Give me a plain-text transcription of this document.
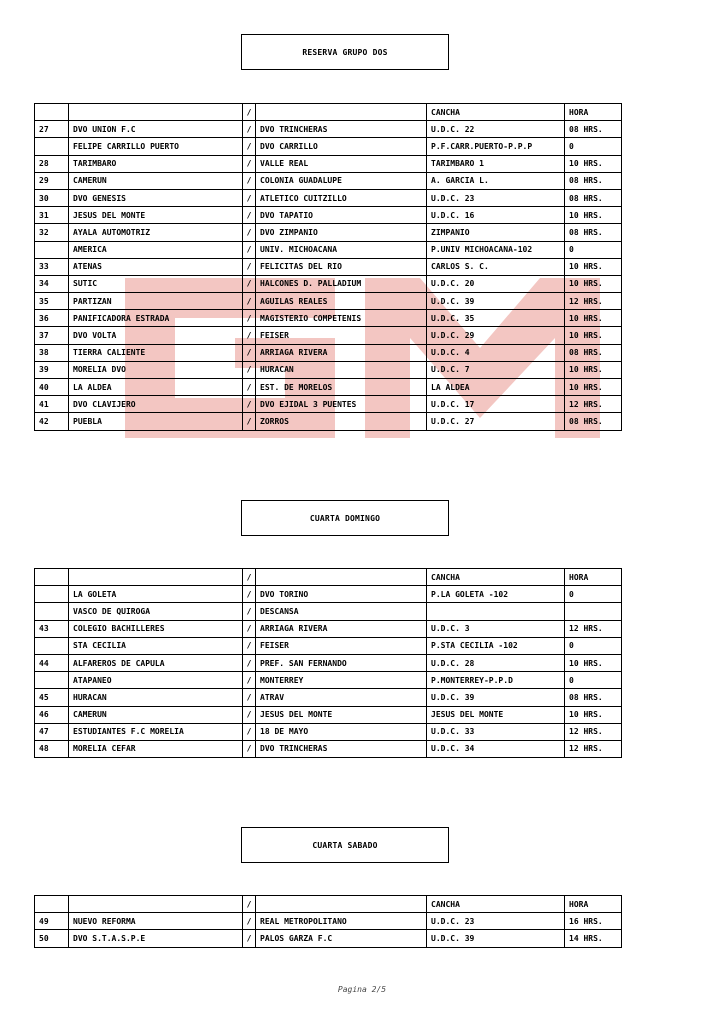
RESERVA GRUPO DOS
		/		CANCHA	HORA
27	DVO UNION F.C	/	DVO TRINCHERAS	U.D.C. 22	08 HRS.
	FELIPE CARRILLO PUERTO	/	DVO CARRILLO	P.F.CARR.PUERTO-P.P.P	0
28	TARIMBARO	/	VALLE REAL	TARIMBARO 1	10 HRS.
29	CAMERUN	/	COLONIA GUADALUPE	A. GARCIA L.	08 HRS.
30	DVO GENESIS	/	ATLETICO CUITZILLO	U.D.C. 23	08 HRS.
31	JESUS DEL MONTE	/	DVO TAPATIO	U.D.C. 16	10 HRS.
32	AYALA AUTOMOTRIZ	/	DVO ZIMPANIO	ZIMPANIO	08 HRS.
	AMERICA	/	UNIV. MICHOACANA	P.UNIV MICHOACANA-102	0
33	ATENAS	/	FELICITAS DEL RIO	CARLOS S. C.	10 HRS.
34	SUTIC	/	HALCONES D. PALLADIUM	U.D.C. 20	10 HRS.
35	PARTIZAN	/	AGUILAS REALES	U.D.C. 39	12 HRS.
36	PANIFICADORA ESTRADA	/	MAGISTERIO COMPETENIS	U.D.C. 35	10 HRS.
37	DVO VOLTA	/	FEISER	U.D.C. 29	10 HRS.
38	TIERRA CALIENTE	/	ARRIAGA RIVERA	U.D.C. 4	08 HRS.
39	MORELIA DVO	/	HURACAN	U.D.C. 7	10 HRS.
40	LA ALDEA	/	EST. DE MORELOS	LA ALDEA	10 HRS.
41	DVO CLAVIJERO	/	DVO EJIDAL 3 PUENTES	U.D.C. 17	12 HRS.
42	PUEBLA	/	ZORROS	U.D.C. 27	08 HRS.
CUARTA DOMINGO
		/		CANCHA	HORA
	LA GOLETA	/	DVO TORINO	P.LA GOLETA -102	0
	VASCO DE QUIROGA	/	DESCANSA		
43	COLEGIO BACHILLERES	/	ARRIAGA RIVERA	U.D.C. 3	12 HRS.
	STA CECILIA	/	FEISER	P.STA CECILIA -102	0
44	ALFAREROS DE CAPULA	/	PREF. SAN FERNANDO	U.D.C. 28	10 HRS.
	ATAPANEO	/	MONTERREY	P.MONTERREY-P.P.D	0
45	HURACAN	/	ATRAV	U.D.C. 39	08 HRS.
46	CAMERUN	/	JESUS DEL MONTE	JESUS DEL MONTE	10 HRS.
47	ESTUDIANTES F.C MORELIA	/	18 DE MAYO	U.D.C. 33	12 HRS.
48	MORELIA CEFAR	/	DVO TRINCHERAS	U.D.C. 34	12 HRS.
CUARTA SABADO
		/		CANCHA	HORA
49	NUEVO REFORMA	/	REAL METROPOLITANO	U.D.C. 23	16 HRS.
50	DVO S.T.A.S.P.E	/	PALOS GARZA F.C	U.D.C. 39	14 HRS.
Pagina 2/5
